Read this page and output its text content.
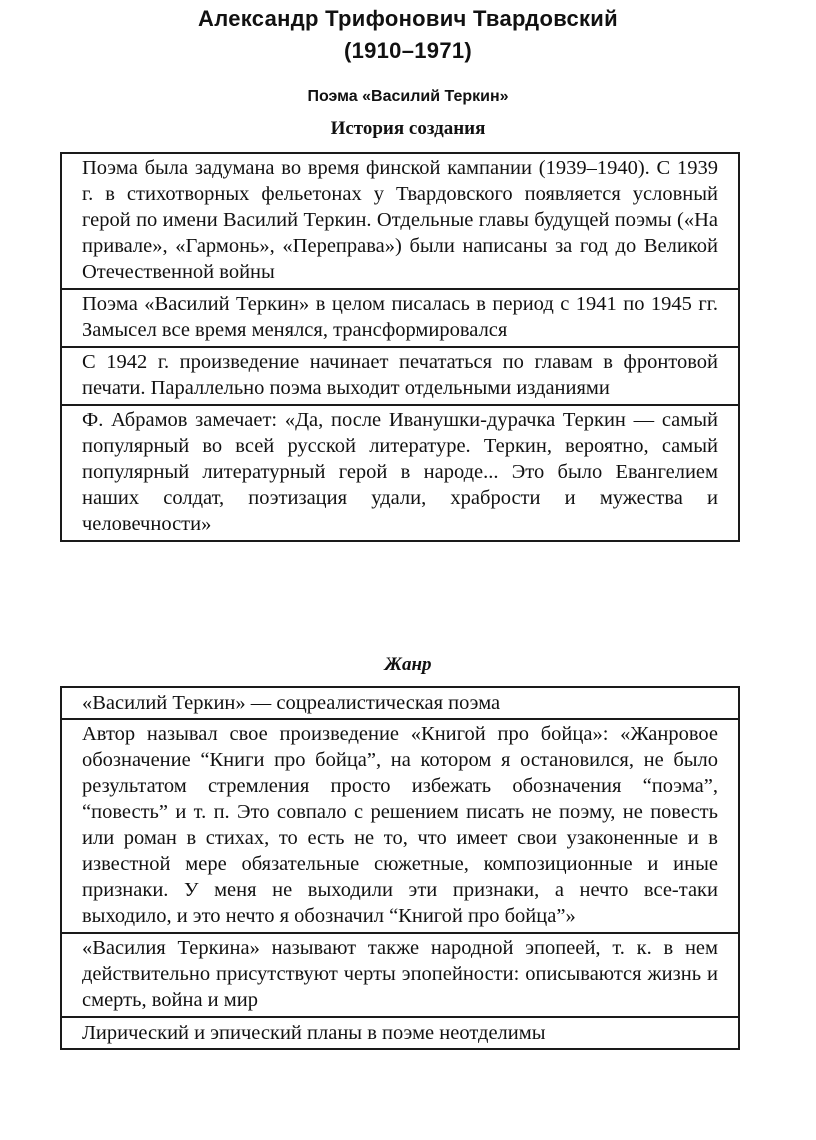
Александр Трифонович Твардовский
(1910–1971)
Поэма «Василий Теркин»
История создания
Поэма была задумана во время финской кампании (1939–1940). С 1939 г. в стихотворных фельетонах у Твардовского появляется условный герой по имени Василий Теркин. Отдельные главы будущей поэмы («На привале», «Гармонь», «Переправа») были написаны за год до Великой Отечественной войны
Поэма «Василий Теркин» в целом писалась в период с 1941 по 1945 гг. Замысел все время менялся, трансформировался
С 1942 г. произведение начинает печататься по главам в фронтовой печати. Параллельно поэма выходит отдельными изданиями
Ф. Абрамов замечает: «Да, после Иванушки-дурачка Теркин — самый популярный во всей русской литературе. Теркин, вероятно, самый популярный литературный герой в народе... Это было Евангелием наших солдат, поэтизация удали, храбрости и мужества и человечности»
Жанр
«Василий Теркин» — соцреалистическая поэма
Автор называл свое произведение «Книгой про бойца»: «Жанровое обозначение “Книги про бойца”, на котором я остановился, не было результатом стремления просто избежать обозначения “поэма”, “повесть” и т. п. Это совпало с решением писать не поэму, не повесть или роман в стихах, то есть не то, что имеет свои узаконенные и в известной мере обязательные сюжетные, композиционные и иные признаки. У меня не выходили эти признаки, а нечто все-таки выходило, и это нечто я обозначил “Книгой про бойца”»
«Василия Теркина» называют также народной эпопеей, т. к. в нем действительно присутствуют черты эпопейности: описываются жизнь и смерть, война и мир
Лирический и эпический планы в поэме неотделимы
